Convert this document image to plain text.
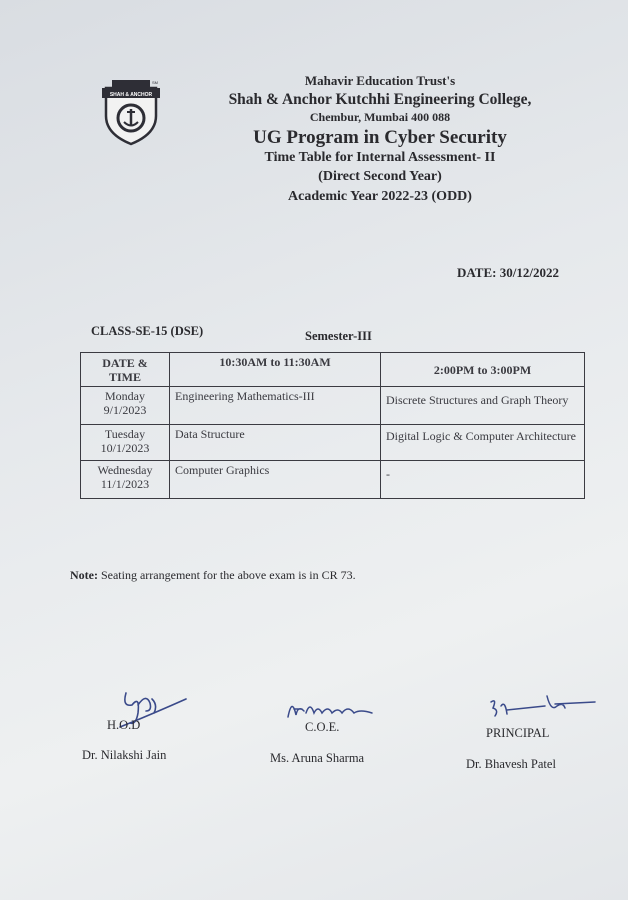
SHAH & ANCHOR
SM	Mahavir Education Trust's
Shah & Anchor Kutchhi Engineering College,
Chembur, Mumbai 400 088
UG Program in Cyber Security
Time Table for Internal Assessment- II
(Direct Second Year)
Academic Year 2022-23 (ODD)
DATE: 30/12/2022
CLASS-SE-15 (DSE)	Semester-III
DATE & TIME	10:30AM to 11:30AM	2:00PM to 3:00PM

Monday
9/1/2023	Engineering Mathematics-III	Discrete Structures and Graph Theory

Tuesday
10/1/2023	Data Structure	Digital Logic & Computer Architecture

Wednesday
11/1/2023	Computer Graphics	-
Note: Seating arrangement for the above exam is in CR 73.
H.O.D
Dr. Nilakshi Jain
C.O.E.
Ms. Aruna Sharma
PRINCIPAL
Dr. Bhavesh Patel
